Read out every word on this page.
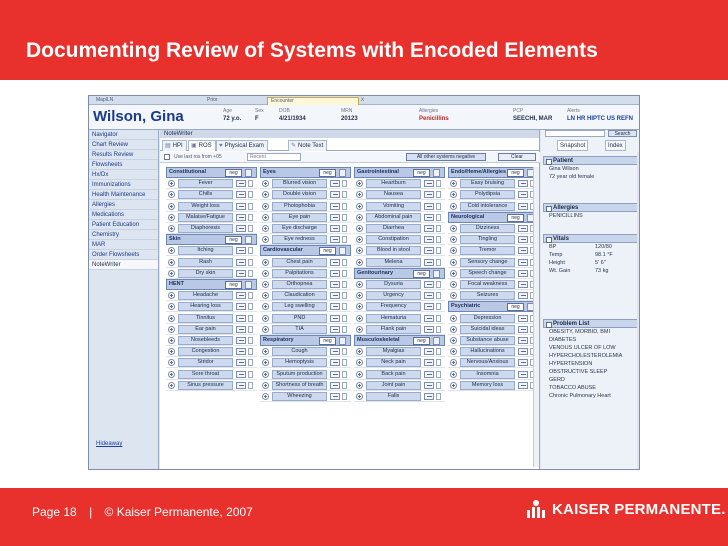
Documenting Review of Systems with Encoded Elements
MaplLN	Prior	Encounter	x
Wilson, Gina	Age
72 y.o.
Sex
F
DOB
4/21/1934
MRN
20123
Allergies
Penicillins
PCP
SEECHI, MAR
Alerts
LN HR HIPTC US REFN
Navigator
Chart Review
Results Review
Flowsheets
Hx/Dx
Immunizations
Health Maintenance
Allergies
Medications
Patient Education
Chemistry
MAR
Order Flowsheets
NoteWriter
Hideaway
NoteWriter
▤ HPI	▣ ROS	♥ Physical Exam	✎ Note Text
Use last ros from +05	Recent	All other systems negative	Clear
Constitutional	neg
Fever
Chills
Weight loss
Malaise/Fatigue
Diaphoresis
Skin	neg
Itching
Rash
Dry skin
HENT	neg
Headache
Hearing loss
Tinnitus
Ear pain
Nosebleeds
Congestion
Stridor
Sore throat
Sinus pressure
Eyes	neg
Blurred vision
Double vision
Photophobia
Eye pain
Eye discharge
Eye redness
Cardiovascular	neg
Chest pain
Palpitations
Orthopnea
Claudication
Leg swelling
PND
TIA
Respiratory	neg
Cough
Hemoptysis
Sputum production
Shortness of breath
Wheezing
Gastrointestinal	neg
Heartburn
Nausea
Vomiting
Abdominal pain
Diarrhea
Constipation
Blood in stool
Melena
Genitourinary	neg
Dysuria
Urgency
Frequency
Hematuria
Flank pain
Musculoskeletal	neg
Myalgias
Neck pain
Back pain
Joint pain
Falls
Endo/Heme/Allergies	neg
Easy bruising
Polydipsia
Cold intolerance
Neurological	neg
Dizziness
Tingling
Tremor
Sensory change
Speech change
Focal weakness
Seizures
Psychiatric	neg
Depression
Suicidal ideas
Substance abuse
Hallucinations
Nervous/Anxious
Insomnia
Memory loss
Search
Snapshot	Index
Patient
Gina Wilson
72 year old female
Allergies
PENICILLINS
Vitals
BP	120/80
Temp	98.1 °F
Height	5' 6"
Wt. Gain	73 kg
Problem List
OBESITY, MORBID, BMI
DIABETES
VENOUS ULCER OF LOW
HYPERCHOLESTEROLEMIA
HYPERTENSION
OBSTRUCTIVE SLEEP
GERD
TOBACCO ABUSE
Chronic Pulmonary Heart
Page 18 | © Kaiser Permanente, 2007	KAISER PERMANENTE.
